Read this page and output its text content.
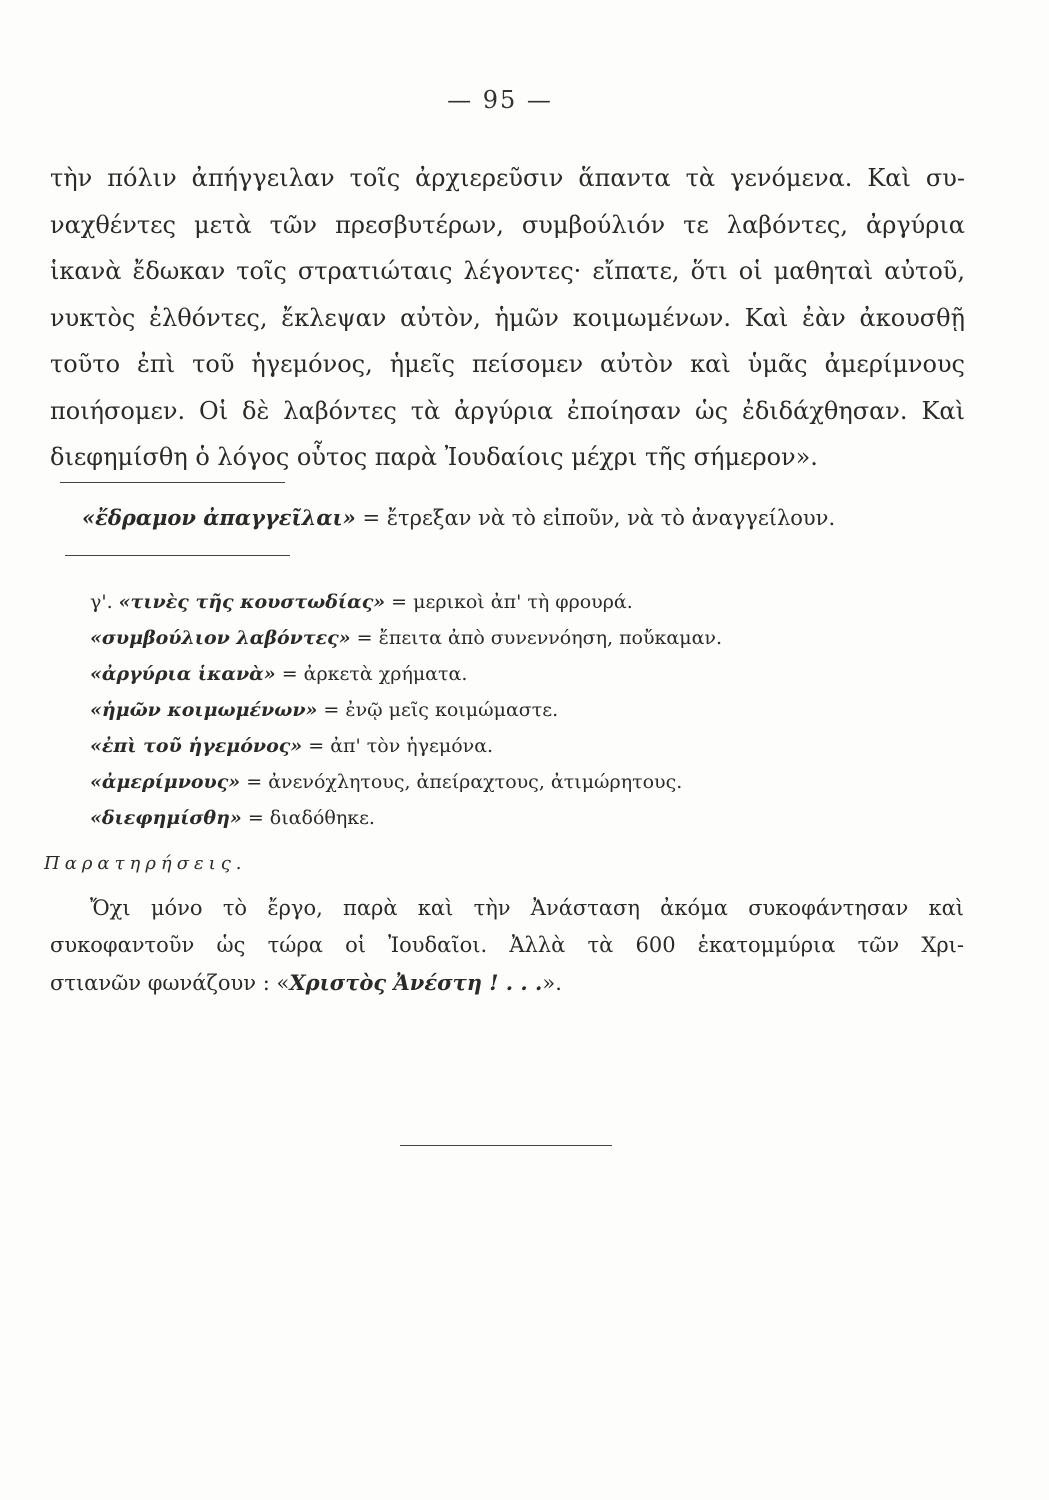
— 95 —
τὴν πόλιν ἀπήγγειλαν τοῖς ἀρχιερεῦσιν ἅπαντα τὰ γενόμενα. Καὶ συ-
ναχθέντες μετὰ τῶν πρεσβυτέρων, συμβούλιόν τε λαβόντες, ἀργύρια
ἱκανὰ ἔδωκαν τοῖς στρατιώταις λέγοντες· εἴπατε, ὅτι οἱ μαθηταὶ αὐτοῦ,
νυκτὸς ἐλθόντες, ἔκλεψαν αὐτὸν, ἡμῶν κοιμωμένων. Καὶ ἐὰν ἀκουσθῇ
τοῦτο ἐπὶ τοῦ ἡγεμόνος, ἡμεῖς πείσομεν αὐτὸν καὶ ὑμᾶς ἀμερίμνους
ποιήσομεν. Οἱ δὲ λαβόντες τὰ ἀργύρια ἐποίησαν ὡς ἐδιδάχθησαν. Καὶ
διεφημίσθη ὁ λόγος οὗτος παρὰ Ἰουδαίοις μέχρι τῆς σήμερον».
«ἔδραμον ἀπαγγεῖλαι» = ἔτρεξαν νὰ τὸ εἰποῦν, νὰ τὸ ἀναγγείλουν.
γ'. «τινὲς τῆς κουστωδίας» = μερικοὶ ἀπ' τὴ φρουρά.
«συμβούλιον λαβόντες» = ἔπειτα ἀπὸ συνεννόηση, ποὔκαμαν.
«ἀργύρια ἱκανὰ» = ἀρκετὰ χρήματα.
«ἡμῶν κοιμωμένων» = ἐνῷ μεῖς κοιμώμαστε.
«ἐπὶ τοῦ ἡγεμόνος» = ἀπ' τὸν ἡγεμόνα.
«ἀμερίμνους» = ἀνενόχλητους, ἀπείραχτους, ἀτιμώρητους.
«διεφημίσθη» = διαδόθηκε.
Παρατηρήσεις.
Ὄχι μόνο τὸ ἔργο, παρὰ καὶ τὴν Ἀνάσταση ἀκόμα συκοφάντησαν καὶ
συκοφαντοῦν ὡς τώρα οἱ Ἰουδαῖοι. Ἀλλὰ τὰ 600 ἑκατομμύρια τῶν Χρι-
στιανῶν φωνάζουν : «Χριστὸς Ἀνέστη ! . . .».
